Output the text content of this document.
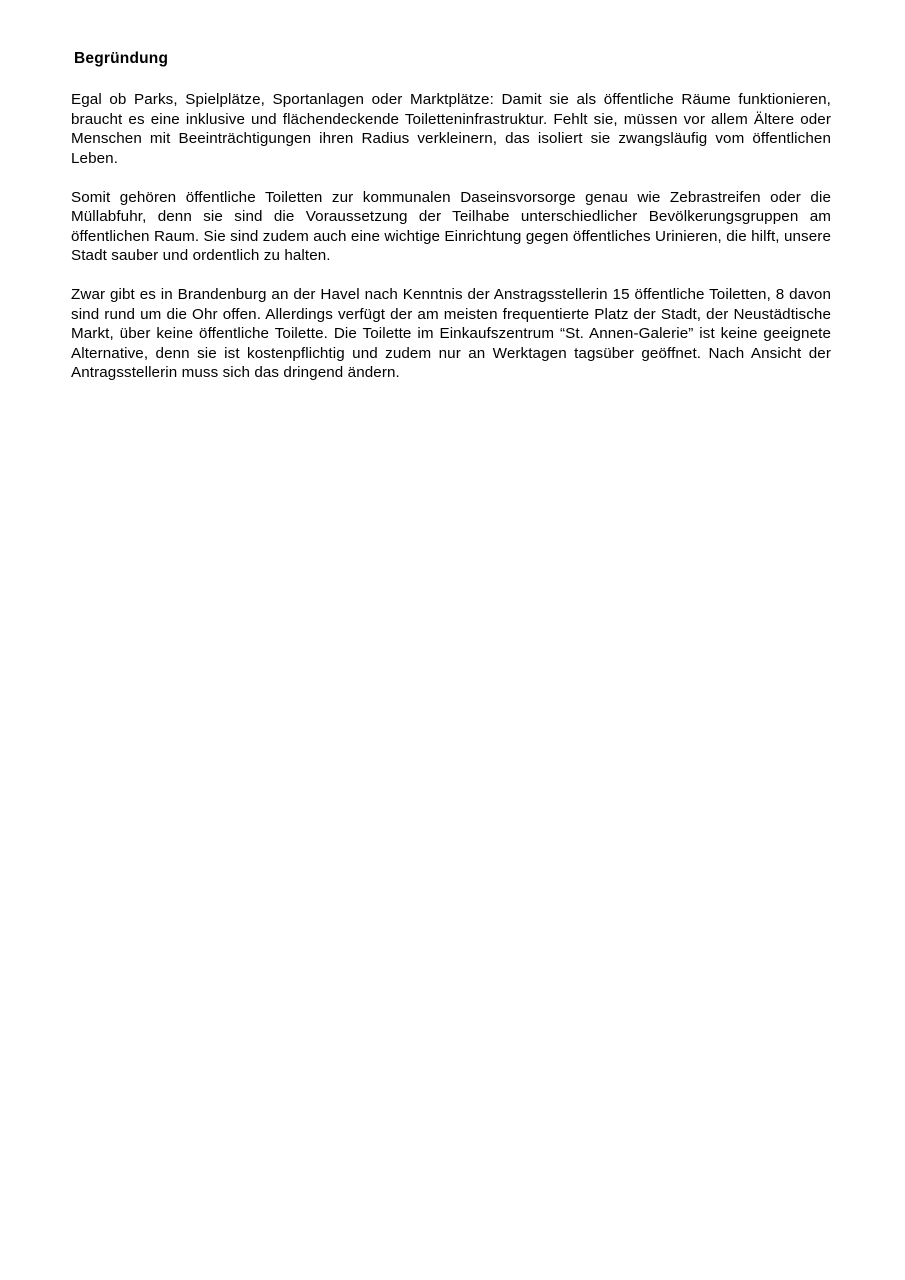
Begründung

Egal ob Parks, Spielplätze, Sportanlagen oder Marktplätze: Damit sie als öffentliche Räume funktionieren, braucht es eine inklusive und flächendeckende Toiletteninfrastruktur. Fehlt sie, müssen vor allem Ältere oder Menschen mit Beeinträchtigungen ihren Radius verkleinern, das isoliert sie zwangsläufig vom öffentlichen Leben.

Somit gehören öffentliche Toiletten zur kommunalen Daseinsvorsorge genau wie Zebrastreifen oder die Müllabfuhr, denn sie sind die Voraussetzung der Teilhabe unterschiedlicher Bevölkerungsgruppen am öffentlichen Raum. Sie sind zudem auch eine wichtige Einrichtung gegen öffentliches Urinieren, die hilft, unsere Stadt sauber und ordentlich zu halten.

Zwar gibt es in Brandenburg an der Havel nach Kenntnis der Anstragsstellerin 15 öffentliche Toiletten, 8 davon sind rund um die Ohr offen. Allerdings verfügt der am meisten frequentierte Platz der Stadt, der Neustädtische Markt, über keine öffentliche Toilette. Die Toilette im Einkaufszentrum “St. Annen-Galerie” ist keine geeignete Alternative, denn sie ist kostenpflichtig und zudem nur an Werktagen tagsüber geöffnet. Nach Ansicht der Antragsstellerin muss sich das dringend ändern.
